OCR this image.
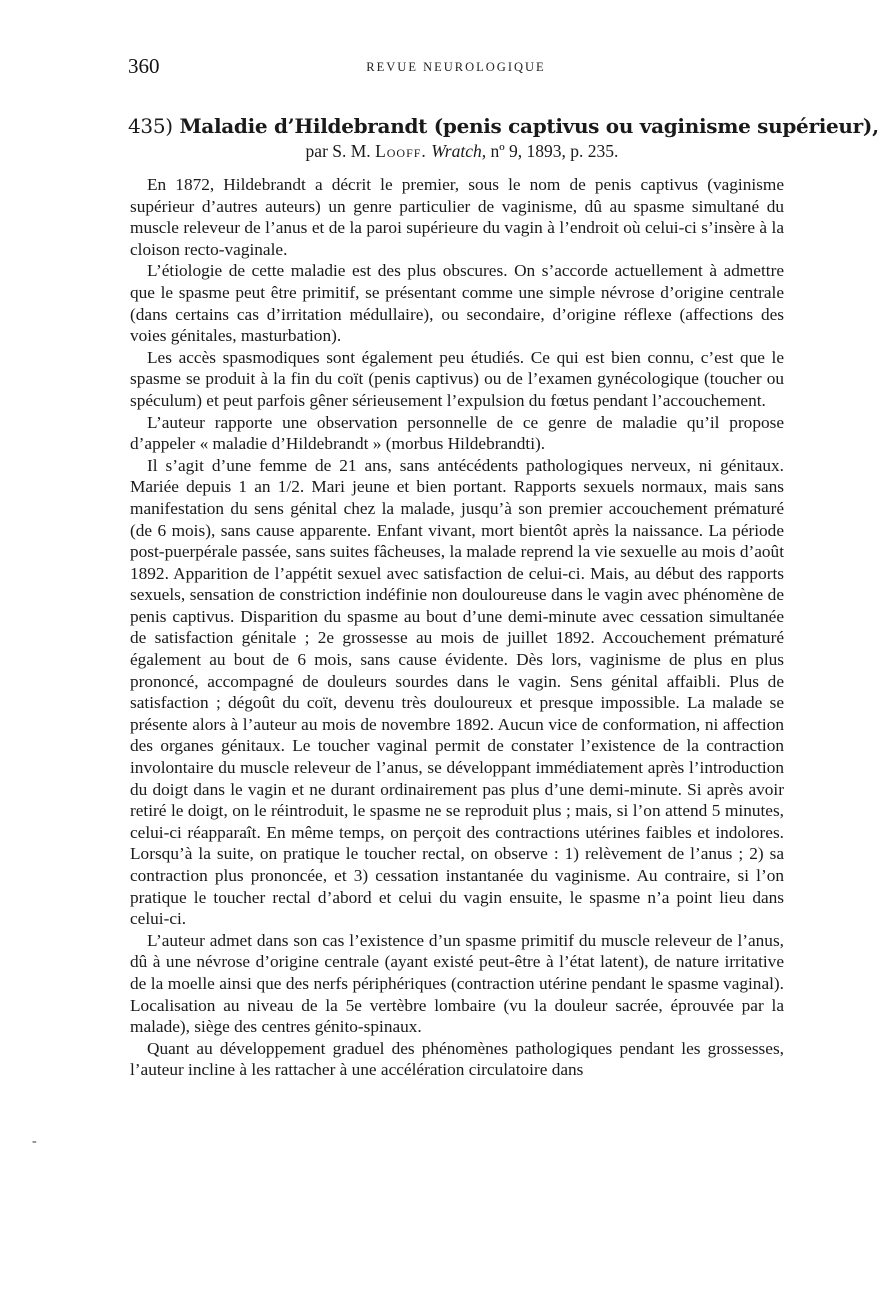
360	REVUE NEUROLOGIQUE
435) Maladie d’Hildebrandt (penis captivus ou vaginisme supérieur),
par S. M. Looff. Wratch, nº 9, 1893, p. 235.

En 1872, Hildebrandt a décrit le premier, sous le nom de penis captivus (vaginisme supérieur d’autres auteurs) un genre particulier de vaginisme, dû au spasme simultané du muscle releveur de l’anus et de la paroi supérieure du vagin à l’endroit où celui-ci s’insère à la cloison recto-vaginale.

L’étiologie de cette maladie est des plus obscures. On s’accorde actuellement à admettre que le spasme peut être primitif, se présentant comme une simple névrose d’origine centrale (dans certains cas d’irritation médullaire), ou secondaire, d’origine réflexe (affections des voies génitales, masturbation).

Les accès spasmodiques sont également peu étudiés. Ce qui est bien connu, c’est que le spasme se produit à la fin du coït (penis captivus) ou de l’examen gynécologique (toucher ou spéculum) et peut parfois gêner sérieusement l’expulsion du fœtus pendant l’accouchement.

L’auteur rapporte une observation personnelle de ce genre de maladie qu’il propose d’appeler « maladie d’Hildebrandt » (morbus Hildebrandti).

Il s’agit d’une femme de 21 ans, sans antécédents pathologiques nerveux, ni génitaux. Mariée depuis 1 an 1/2. Mari jeune et bien portant. Rapports sexuels normaux, mais sans manifestation du sens génital chez la malade, jusqu’à son premier accouchement prématuré (de 6 mois), sans cause apparente. Enfant vivant, mort bientôt après la naissance. La période post-puerpérale passée, sans suites fâcheuses, la malade reprend la vie sexuelle au mois d’août 1892. Apparition de l’appétit sexuel avec satisfaction de celui-ci. Mais, au début des rapports sexuels, sensation de constriction indéfinie non douloureuse dans le vagin avec phénomène de penis captivus. Disparition du spasme au bout d’une demi-minute avec cessation simultanée de satisfaction génitale ; 2e grossesse au mois de juillet 1892. Accouchement prématuré également au bout de 6 mois, sans cause évidente. Dès lors, vaginisme de plus en plus prononcé, accompagné de douleurs sourdes dans le vagin. Sens génital affaibli. Plus de satisfaction ; dégoût du coït, devenu très douloureux et presque impossible. La malade se présente alors à l’auteur au mois de novembre 1892. Aucun vice de conformation, ni affection des organes génitaux. Le toucher vaginal permit de constater l’existence de la contraction involontaire du muscle releveur de l’anus, se développant immédiatement après l’introduction du doigt dans le vagin et ne durant ordinairement pas plus d’une demi-minute. Si après avoir retiré le doigt, on le réintroduit, le spasme ne se reproduit plus ; mais, si l’on attend 5 minutes, celui-ci réapparaît. En même temps, on perçoit des contractions utérines faibles et indolores. Lorsqu’à la suite, on pratique le toucher rectal, on observe : 1) relèvement de l’anus ; 2) sa contraction plus prononcée, et 3) cessation instantanée du vaginisme. Au contraire, si l’on pratique le toucher rectal d’abord et celui du vagin ensuite, le spasme n’a point lieu dans celui-ci.

L’auteur admet dans son cas l’existence d’un spasme primitif du muscle releveur de l’anus, dû à une névrose d’origine centrale (ayant existé peut-être à l’état latent), de nature irritative de la moelle ainsi que des nerfs périphériques (contraction utérine pendant le spasme vaginal). Localisation au niveau de la 5e vertèbre lombaire (vu la douleur sacrée, éprouvée par la malade), siège des centres génito-spinaux.

Quant au développement graduel des phénomènes pathologiques pendant les grossesses, l’auteur incline à les rattacher à une accélération circulatoire dans

-
